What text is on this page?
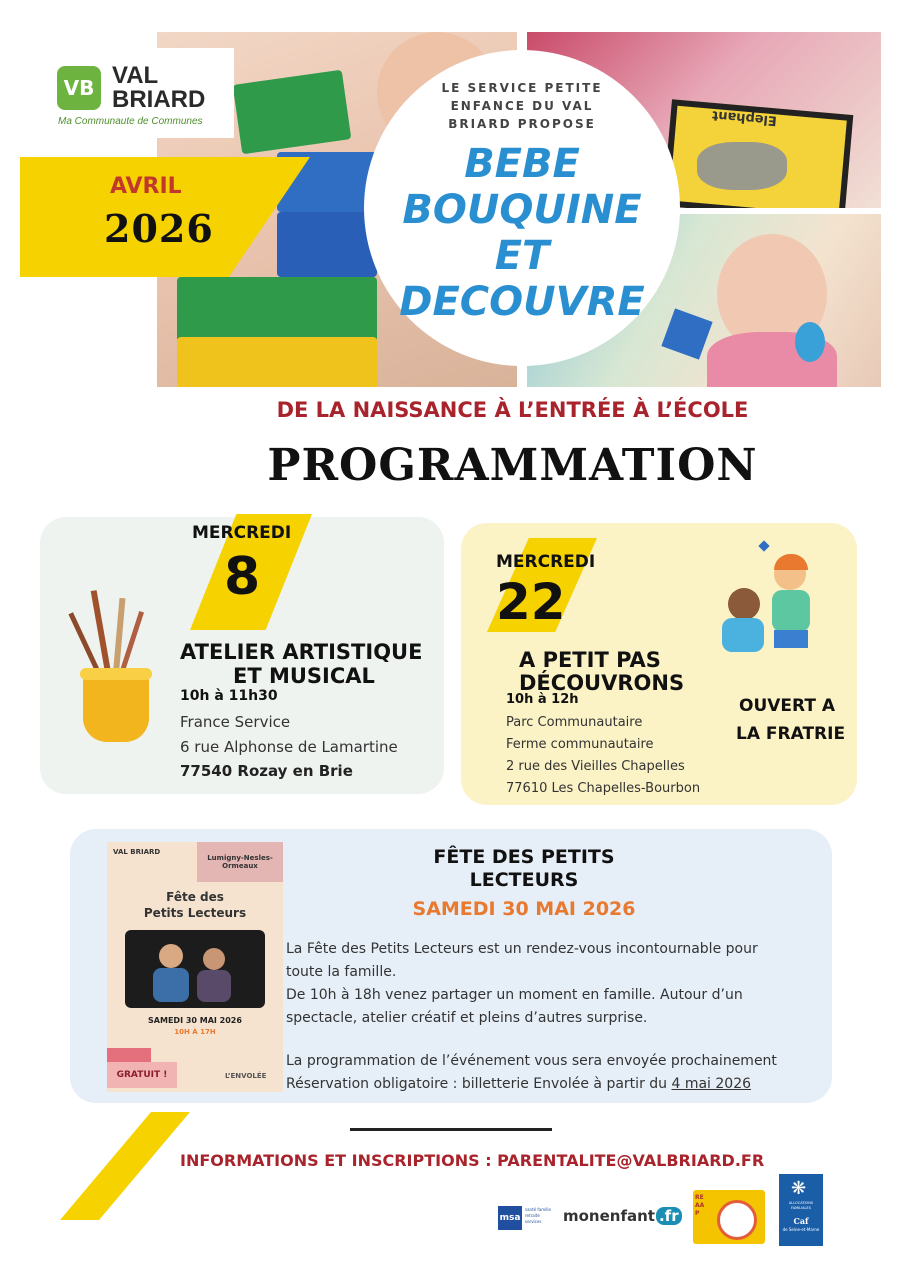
Elephant
VB VAL
BRIARD
Ma Communaute de Communes
AVRIL
2026
LE SERVICE PETITE ENFANCE DU VAL BRIARD PROPOSE
BEBE
BOUQUINE
ET
DECOUVRE
DE LA NAISSANCE À L’ENTRÉE À L’ÉCOLE
PROGRAMMATION
MERCREDI
8
ATELIER ARTISTIQUE
ET MUSICAL
10h à 11h30
France Service
6 rue Alphonse de Lamartine
77540 Rozay en Brie
MERCREDI
22
A PETIT PAS
DÉCOUVRONS
10h à 12h
Parc Communautaire
Ferme communautaire
2 rue des Vieilles Chapelles
77610 Les Chapelles-Bourbon
OUVERT A
LA FRATRIE
VAL BRIARD
Lumigny-Nesles-Ormeaux
Fête des
Petits Lecteurs
SAMEDI 30 MAI 2026
10H À 17H
GRATUIT !	L’ENVOLÉE
FÊTE DES PETITS
LECTEURS
SAMEDI 30 MAI 2026
La Fête des Petits Lecteurs est un rendez-vous incontournable pour
toute la famille.
De 10h à 18h venez partager un moment en famille. Autour d’un
spectacle, atelier créatif et pleins d’autres surprise.
La programmation de l’événement vous sera envoyée prochainement
Réservation obligatoire : billetterie Envolée à partir du 4 mai 2026
INFORMATIONS ET INSCRIPTIONS : PARENTALITE@VALBRIARD.FR
msa
santé famille retraite services	monenfant .fr
REAAP
❋
ALLOCATIONS FAMILIALES
Caf
de Seine-et-Marne
